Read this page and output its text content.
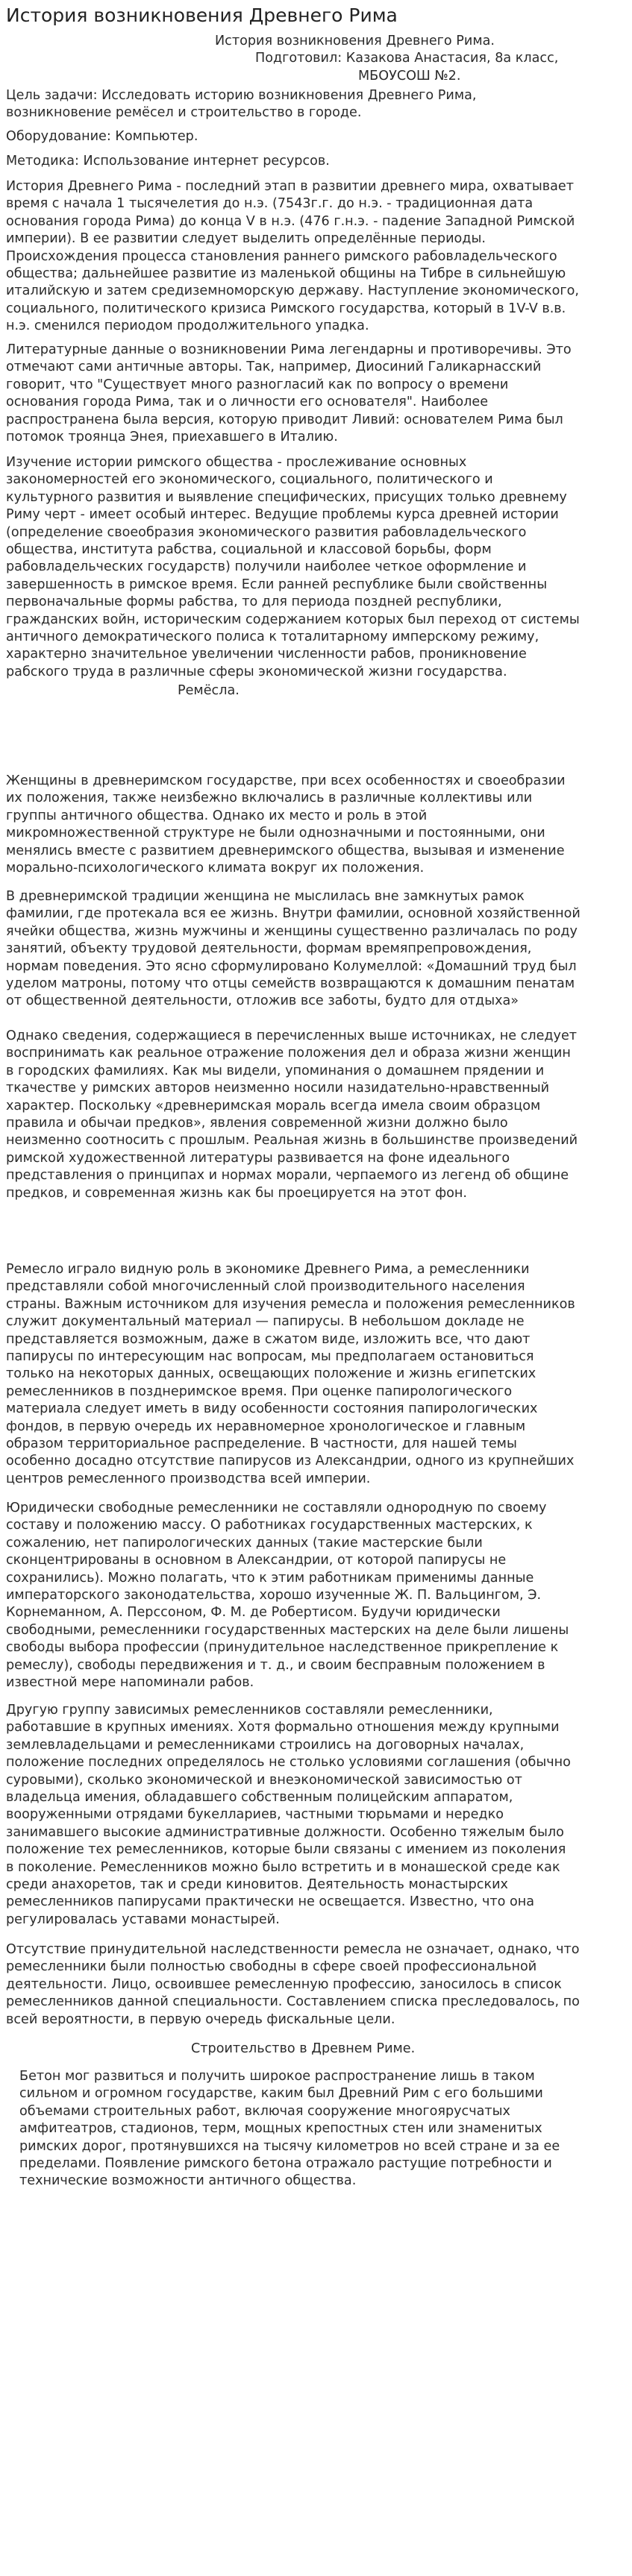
История возникновения Древнего Рима
История возникновения Древнего Рима.
Подготовил: Казакова Анастасия, 8а класс,
МБОУСОШ №2.
Цель задачи: Исследовать историю возникновения Древнего Рима,
возникновение ремёсел и строительство в городе.
Оборудование: Компьютер.
Методика: Использование интернет ресурсов.
История Древнего Рима - последний этап в развитии древнего мира, охватывает
время с начала 1 тысячелетия до н.э. (7543г.г. до н.э. - традиционная дата
основания города Рима) до конца V в н.э. (476 г.н.э. - падение Западной Римской
империи). В ее развитии следует выделить определённые периоды.
Происхождения процесса становления раннего римского рабовладельческого
общества; дальнейшее развитие из маленькой общины на Тибре в сильнейшую
италийскую и затем средиземноморскую державу. Наступление экономического,
социального, политического кризиса Римского государства, который в 1V-V в.в.
н.э. сменился периодом продолжительного упадка.
Литературные данные о возникновении Рима легендарны и противоречивы. Это
отмечают сами античные авторы. Так, например, Диосиний Галикарнасский
говорит, что "Существует много разногласий как по вопросу о времени
основания города Рима, так и о личности его основателя". Наиболее
распространена была версия, которую приводит Ливий: основателем Рима был
потомок троянца Энея, приехавшего в Италию.
Изучение истории римского общества - прослеживание основных
закономерностей его экономического, социального, политического и
культурного развития и выявление специфических, присущих только древнему
Риму черт - имеет особый интерес. Ведущие проблемы курса древней истории
(определение своеобразия экономического развития рабовладельческого
общества, института рабства, социальной и классовой борьбы, форм
рабовладельческих государств) получили наиболее четкое оформление и
завершенность в римское время. Если ранней республике были свойственны
первоначальные формы рабства, то для периода поздней республики,
гражданских войн, историческим содержанием которых был переход от системы
античного демократического полиса к тоталитарному имперскому режиму,
характерно значительное увеличении численности рабов, проникновение
рабского труда в различные сферы экономической жизни государства.
Ремёсла.
Женщины в древнеримском государстве, при всех особенностях и своеобразии
их положения, также неизбежно включались в различные коллективы или
группы античного общества. Однако их место и роль в этой
микромножественной структуре не были однозначными и постоянными, они
менялись вместе с развитием древнеримского общества, вызывая и изменение
морально-психологического климата вокруг их положения.
В древнеримской традиции женщина не мыслилась вне замкнутых рамок
фамилии, где протекала вся ее жизнь. Внутри фамилии, основной хозяйственной
ячейки общества, жизнь мужчины и женщины существенно различалась по роду
занятий, объекту трудовой деятельности, формам времяпрепровождения,
нормам поведения. Это ясно сформулировано Колумеллой: «Домашний труд был
уделом матроны, потому что отцы семейств возвращаются к домашним пенатам
от общественной деятельности, отложив все заботы, будто для отдыха»
Однако сведения, содержащиеся в перечисленных выше источниках, не следует
воспринимать как реальное отражение положения дел и образа жизни женщин
в городских фамилиях. Как мы видели, упоминания о домашнем прядении и
ткачестве у римских авторов неизменно носили назидательно-нравственный
характер. Поскольку «древнеримская мораль всегда имела своим образцом
правила и обычаи предков», явления современной жизни должно было
неизменно соотносить с прошлым. Реальная жизнь в большинстве произведений
римской художественной литературы развивается на фоне идеального
представления о принципах и нормах морали, черпаемого из легенд об общине
предков, и современная жизнь как бы проецируется на этот фон.
Ремесло играло видную роль в экономике Древнего Рима, а ремесленники
представляли собой многочисленный слой производительного населения
страны. Важным источником для изучения ремесла и положения ремесленников
служит документальный материал — папирусы. В небольшом докладе не
представляется возможным, даже в сжатом виде, изложить все, что дают
папирусы по интересующим нас вопросам, мы предполагаем остановиться
только на некоторых данных, освещающих положение и жизнь египетских
ремесленников в позднеримское время. При оценке папирологического
материала следует иметь в виду особенности состояния папирологических
фондов, в первую очередь их неравномерное хронологическое и главным
образом территориальное распределение. В частности, для нашей темы
особенно досадно отсутствие папирусов из Александрии, одного из крупнейших
центров ремесленного производства всей империи.
Юридически свободные ремесленники не составляли однородную по своему
составу и положению массу. О работниках государственных мастерских, к
сожалению, нет папирологических данных (такие мастерские были
сконцентрированы в основном в Александрии, от которой папирусы не
сохранились). Можно полагать, что к этим работникам применимы данные
императорского законодательства, хорошо изученные Ж. П. Вальцингом, Э.
Корнеманном, А. Перссоном, Ф. М. де Робертисом. Будучи юридически
свободными, ремесленники государственных мастерских на деле были лишены
свободы выбора профессии (принудительное наследственное прикрепление к
ремеслу), свободы передвижения и т. д., и своим бесправным положением в
известной мере напоминали рабов.
Другую группу зависимых ремесленников составляли ремесленники,
работавшие в крупных имениях. Хотя формально отношения между крупными
землевладельцами и ремесленниками строились на договорных началах,
положение последних определялось не столько условиями соглашения (обычно
суровыми), сколько экономической и внеэкономической зависимостью от
владельца имения, обладавшего собственным полицейским аппаратом,
вооруженными отрядами букеллариев, частными тюрьмами и нередко
занимавшего высокие административные должности. Особенно тяжелым было
положение тех ремесленников, которые были связаны с имением из поколения
в поколение. Ремесленников можно было встретить и в монашеской среде как
среди анахоретов, так и среди киновитов. Деятельность монастырских
ремесленников папирусами практически не освещается. Известно, что она
регулировалась уставами монастырей.
Отсутствие принудительной наследственности ремесла не означает, однако, что
ремесленники были полностью свободны в сфере своей профессиональной
деятельности. Лицо, освоившее ремесленную профессию, заносилось в список
ремесленников данной специальности. Составлением списка преследовалось, по
всей вероятности, в первую очередь фискальные цели.
Строительство в Древнем Риме.
Бетон мог развиться и получить широкое распространение лишь в таком
сильном и огромном государстве, каким был Древний Рим с его большими
объемами строительных работ, включая сооружение многоярусчатых
амфитеатров, стадионов, терм, мощных крепостных стен или знаменитых
римских дорог, протянувшихся на тысячу километров но всей стране и за ее
пределами. Появление римского бетона отражало растущие потребности и
технические возможности античного общества.
